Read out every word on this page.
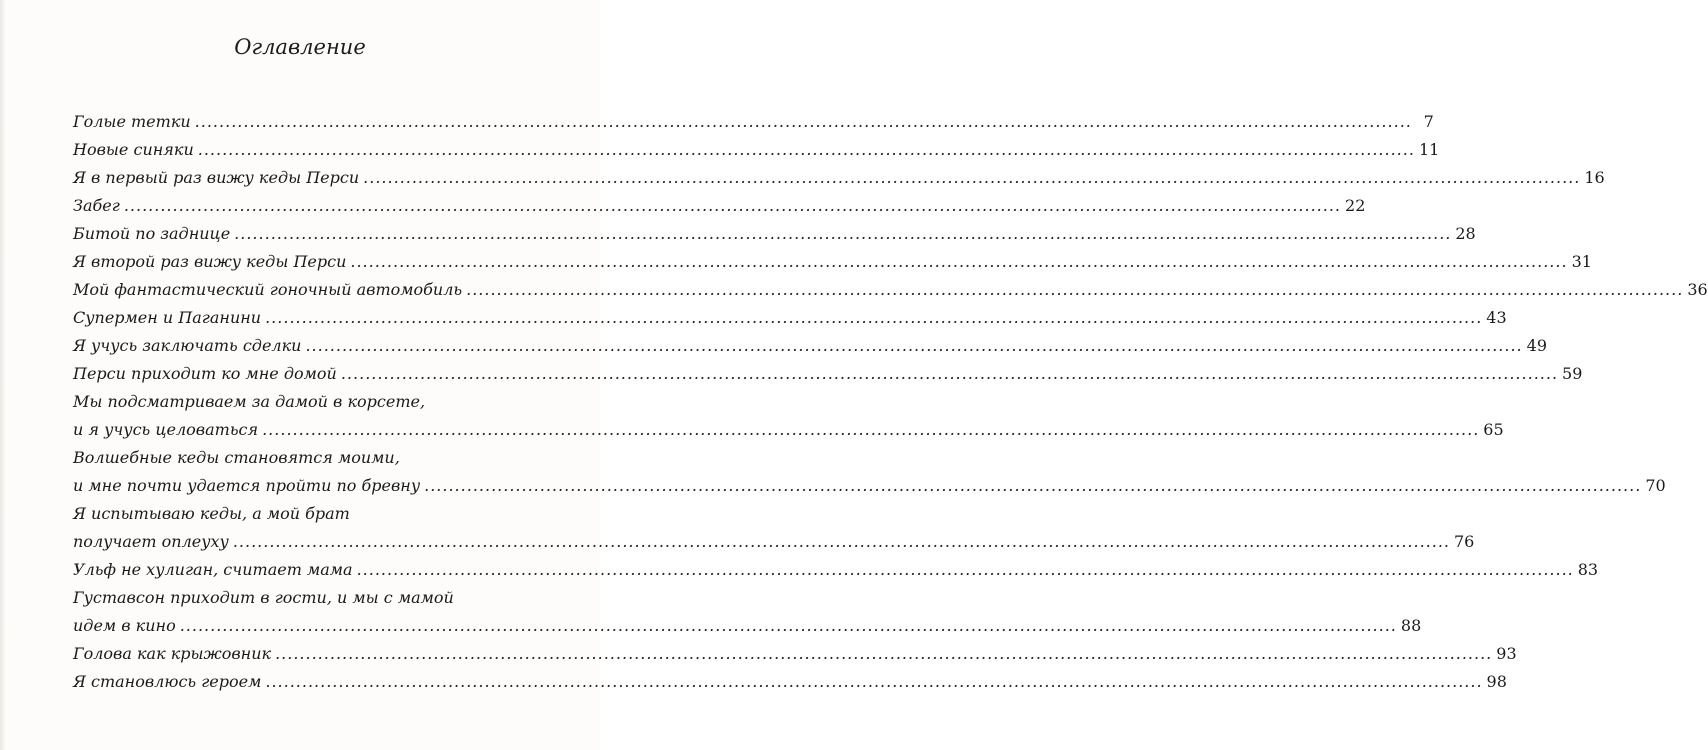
Оглавление
Голые тетки ........................................................................................................................................................................................................ 7
Новые синяки ........................................................................................................................................................................................................ 11
Я в первый раз вижу кеды Перси ........................................................................................................................................................................................................ 16
Забег ........................................................................................................................................................................................................ 22
Битой по заднице ........................................................................................................................................................................................................ 28
Я второй раз вижу кеды Перси ........................................................................................................................................................................................................ 31
Мой фантастический гоночный автомобиль ........................................................................................................................................................................................................ 36
Супермен и Паганини ........................................................................................................................................................................................................ 43
Я учусь заключать сделки ........................................................................................................................................................................................................ 49
Перси приходит ко мне домой ........................................................................................................................................................................................................ 59
Мы подсматриваем за дамой в корсете,
и я учусь целоваться ........................................................................................................................................................................................................ 65
Волшебные кеды становятся моими,
и мне почти удается пройти по бревну ........................................................................................................................................................................................................ 70
Я испытываю кеды, а мой брат
получает оплеуху ........................................................................................................................................................................................................ 76
Ульф не хулиган, считает мама ........................................................................................................................................................................................................ 83
Густавсон приходит в гости, и мы с мамой
идем в кино ........................................................................................................................................................................................................ 88
Голова как крыжовник ........................................................................................................................................................................................................ 93
Я становлюсь героем ........................................................................................................................................................................................................ 98
